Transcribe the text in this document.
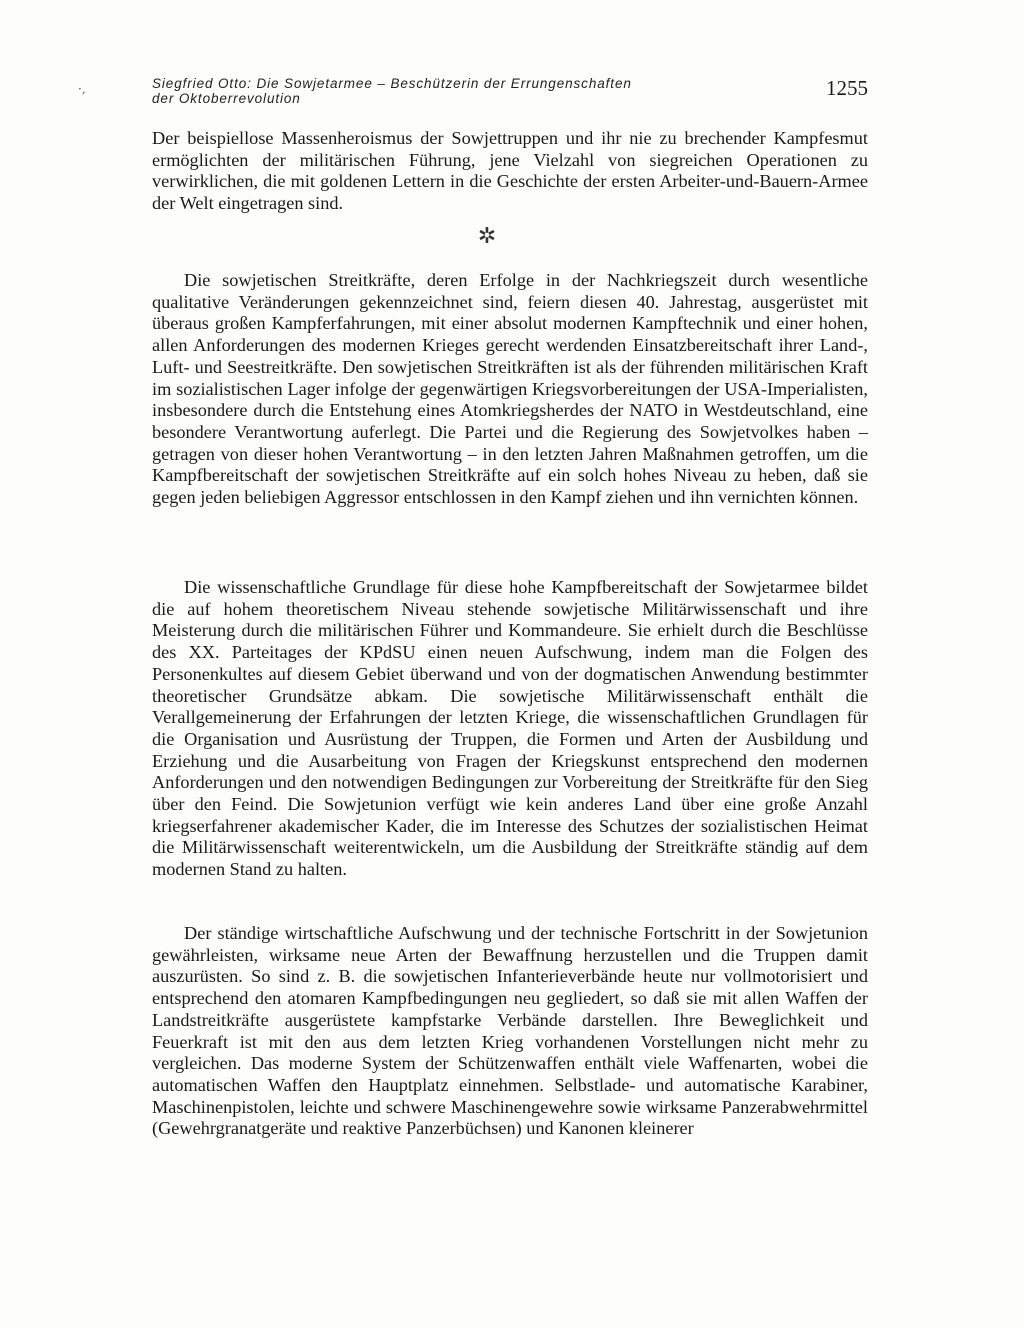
·,	Siegfried Otto: Die Sowjetarmee – Beschützerin der Errungenschaften
der Oktoberrevolution	1255

Der beispiellose Massenheroismus der Sowjettruppen und ihr nie zu brechender Kampfesmut ermöglichten der militärischen Führung, jene Vielzahl von siegreichen Operationen zu verwirklichen, die mit goldenen Lettern in die Geschichte der ersten Arbeiter-und-Bauern-Armee der Welt eingetragen sind.

✲

Die sowjetischen Streitkräfte, deren Erfolge in der Nachkriegszeit durch wesentliche qualitative Veränderungen gekennzeichnet sind, feiern diesen 40. Jahrestag, ausgerüstet mit überaus großen Kampferfahrungen, mit einer absolut modernen Kampftechnik und einer hohen, allen Anforderungen des modernen Krieges gerecht werdenden Einsatzbereitschaft ihrer Land-, Luft- und Seestreitkräfte. Den sowjetischen Streitkräften ist als der führenden militärischen Kraft im sozialistischen Lager infolge der gegenwärtigen Kriegsvorbereitungen der USA-Imperialisten, insbesondere durch die Entstehung eines Atomkriegsherdes der NATO in Westdeutschland, eine besondere Verantwortung auferlegt. Die Partei und die Regierung des Sowjetvolkes haben – getragen von dieser hohen Verantwortung – in den letzten Jahren Maßnahmen getroffen, um die Kampfbereitschaft der sowjetischen Streitkräfte auf ein solch hohes Niveau zu heben, daß sie gegen jeden beliebigen Aggressor entschlossen in den Kampf ziehen und ihn vernichten können.

Die wissenschaftliche Grundlage für diese hohe Kampfbereitschaft der Sowjetarmee bildet die auf hohem theoretischem Niveau stehende sowjetische Militärwissenschaft und ihre Meisterung durch die militärischen Führer und Kommandeure. Sie erhielt durch die Beschlüsse des XX. Parteitages der KPdSU einen neuen Aufschwung, indem man die Folgen des Personenkultes auf diesem Gebiet überwand und von der dogmatischen Anwendung bestimmter theoretischer Grundsätze abkam. Die sowjetische Militärwissenschaft enthält die Verallgemeinerung der Erfahrungen der letzten Kriege, die wissenschaftlichen Grundlagen für die Organisation und Ausrüstung der Truppen, die Formen und Arten der Ausbildung und Erziehung und die Ausarbeitung von Fragen der Kriegskunst entsprechend den modernen Anforderungen und den notwendigen Bedingungen zur Vorbereitung der Streitkräfte für den Sieg über den Feind. Die Sowjetunion verfügt wie kein anderes Land über eine große Anzahl kriegserfahrener akademischer Kader, die im Interesse des Schutzes der sozialistischen Heimat die Militärwissenschaft weiterentwickeln, um die Ausbildung der Streitkräfte ständig auf dem modernen Stand zu halten.

Der ständige wirtschaftliche Aufschwung und der technische Fortschritt in der Sowjetunion gewährleisten, wirksame neue Arten der Bewaffnung herzustellen und die Truppen damit auszurüsten. So sind z. B. die sowjetischen Infanterieverbände heute nur vollmotorisiert und entsprechend den atomaren Kampfbedingungen neu gegliedert, so daß sie mit allen Waffen der Landstreitkräfte ausgerüstete kampfstarke Verbände darstellen. Ihre Beweglichkeit und Feuerkraft ist mit den aus dem letzten Krieg vorhandenen Vorstellungen nicht mehr zu vergleichen. Das moderne System der Schützenwaffen enthält viele Waffenarten, wobei die automatischen Waffen den Hauptplatz einnehmen. Selbstlade- und automatische Karabiner, Maschinenpistolen, leichte und schwere Maschinengewehre sowie wirksame Panzerabwehrmittel (Gewehrgranatgeräte und reaktive Panzerbüchsen) und Kanonen kleinerer
